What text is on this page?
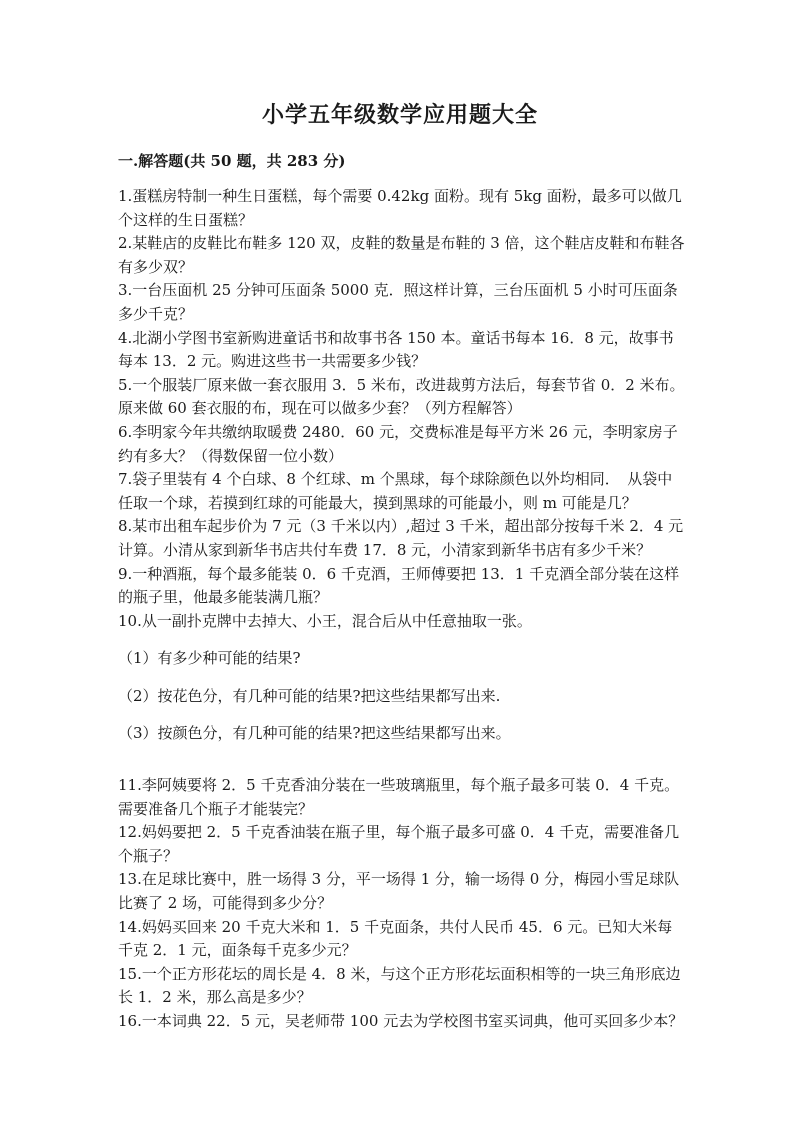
小学五年级数学应用题大全
一.解答题(共 50 题，共 283 分)

1.蛋糕房特制一种生日蛋糕，每个需要 0.42kg 面粉。现有 5kg 面粉，最多可以做几个这样的生日蛋糕？

2.某鞋店的皮鞋比布鞋多 120 双，皮鞋的数量是布鞋的 3 倍，这个鞋店皮鞋和布鞋各有多少双？

3.一台压面机 25 分钟可压面条 5000 克．照这样计算，三台压面机 5 小时可压面条多少千克？

4.北湖小学图书室新购进童话书和故事书各 150 本。童话书每本 16．8 元，故事书每本 13．2 元。购进这些书一共需要多少钱？

5.一个服装厂原来做一套衣服用 3．5 米布，改进裁剪方法后，每套节省 0．2 米布。原来做 60 套衣服的布，现在可以做多少套？（列方程解答）

6.李明家今年共缴纳取暖费 2480．60 元，交费标准是每平方米 26 元，李明家房子约有多大？（得数保留一位小数）

7.袋子里装有 4 个白球、8 个红球、m 个黑球，每个球除颜色以外均相同．　从袋中任取一个球，若摸到红球的可能最大，摸到黑球的可能最小，则 m 可能是几？

8.某市出租车起步价为 7 元（3 千米以内）,超过 3 千米，超出部分按每千米 2．4 元计算。小清从家到新华书店共付车费 17．8 元，小清家到新华书店有多少千米？

9.一种酒瓶，每个最多能装 0．6 千克酒，王师傅要把 13．1 千克酒全部分装在这样的瓶子里，他最多能装满几瓶？

10.从一副扑克牌中去掉大、小王，混合后从中任意抽取一张。

（1）有多少种可能的结果?

（2）按花色分，有几种可能的结果?把这些结果都写出来.

（3）按颜色分，有几种可能的结果?把这些结果都写出来。

11.李阿姨要将 2．5 千克香油分装在一些玻璃瓶里，每个瓶子最多可装 0．4 千克。需要准备几个瓶子才能装完？

12.妈妈要把 2．5 千克香油装在瓶子里，每个瓶子最多可盛 0．4 千克，需要准备几个瓶子？

13.在足球比赛中，胜一场得 3 分，平一场得 1 分，输一场得 0 分，梅园小雪足球队比赛了 2 场，可能得到多少分？

14.妈妈买回来 20 千克大米和 1．5 千克面条，共付人民币 45．6 元。已知大米每千克 2．1 元，面条每千克多少元？

15.一个正方形花坛的周长是 4．8 米，与这个正方形花坛面积相等的一块三角形底边长 1．2 米，那么高是多少？

16.一本词典 22．5 元，吴老师带 100 元去为学校图书室买词典，他可买回多少本？
